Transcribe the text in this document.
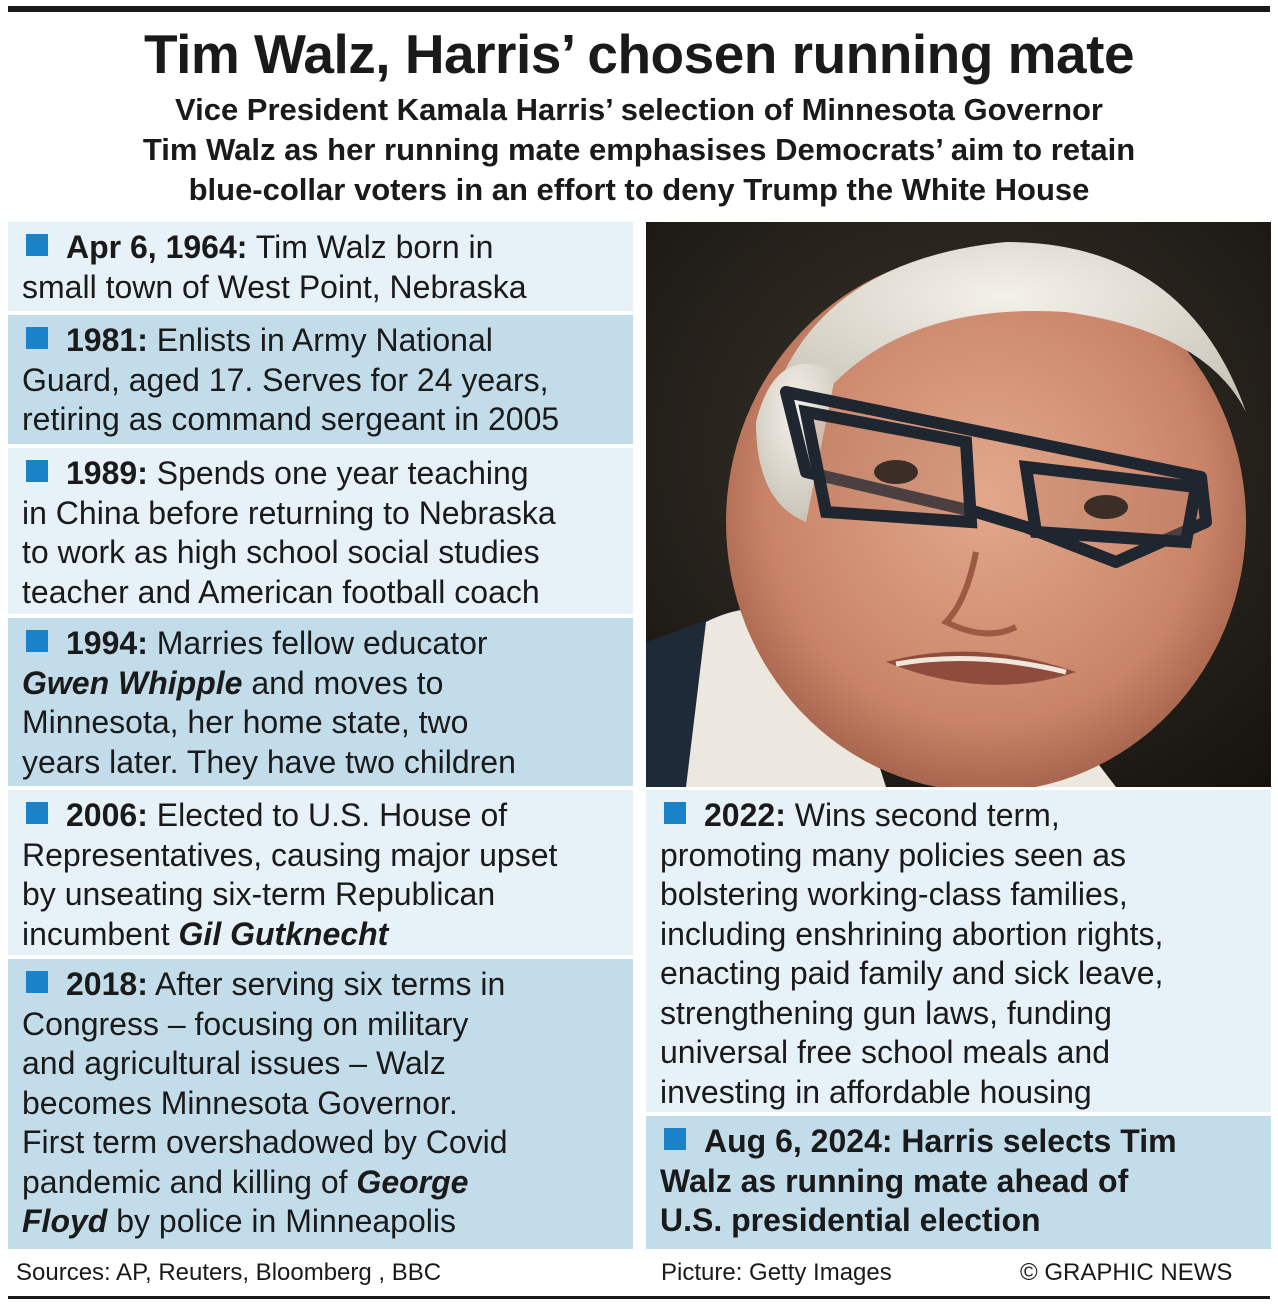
Tim Walz, Harris’ chosen running mate
Vice President Kamala Harris’ selection of Minnesota Governor
Tim Walz as her running mate emphasises Democrats’ aim to retain
blue-collar voters in an effort to deny Trump the White House
Apr 6, 1964: Tim Walz born in
small town of West Point, Nebraska
1981: Enlists in Army National
Guard, aged 17. Serves for 24 years,
retiring as command sergeant in 2005
1989: Spends one year teaching
in China before returning to Nebraska
to work as high school social studies
teacher and American football coach
1994: Marries fellow educator
Gwen Whipple and moves to
Minnesota, her home state, two
years later. They have two children
2006: Elected to U.S. House of
Representatives, causing major upset
by unseating six-term Republican
incumbent Gil Gutknecht
2018: After serving six terms in
Congress – focusing on military
and agricultural issues – Walz
becomes Minnesota Governor.
First term overshadowed by Covid
pandemic and killing of George
Floyd by police in Minneapolis
2022: Wins second term,
promoting many policies seen as
bolstering working-class families,
including enshrining abortion rights,
enacting paid family and sick leave,
strengthening gun laws, funding
universal free school meals and
investing in affordable housing
Aug 6, 2024: Harris selects Tim
Walz as running mate ahead of
U.S. presidential election
Sources: AP, Reuters, Bloomberg , BBC	Picture: Getty Images	© GRAPHIC NEWS
